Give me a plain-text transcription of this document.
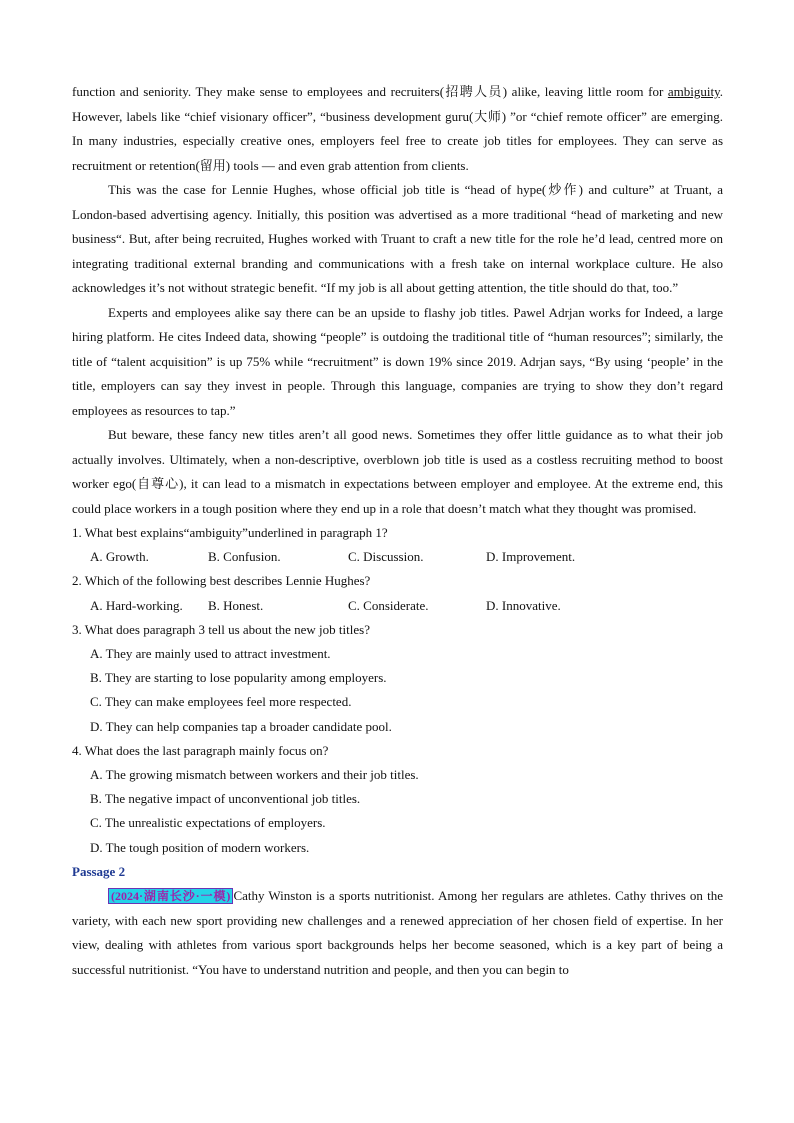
function and seniority. They make sense to employees and recruiters(招聘人员) alike, leaving little room for ambiguity. However, labels like “chief visionary officer”, “business development guru(大师) ”or “chief remote officer” are emerging. In many industries, especially creative ones, employers feel free to create job titles for employees. They can serve as recruitment or retention(留用) tools — and even grab attention from clients.

This was the case for Lennie Hughes, whose official job title is “head of hype(炒作) and culture” at Truant, a London-based advertising agency. Initially, this position was advertised as a more traditional “head of marketing and new business“. But, after being recruited, Hughes worked with Truant to craft a new title for the role he’d lead, centred more on integrating traditional external branding and communications with a fresh take on internal workplace culture. He also acknowledges it’s not without strategic benefit. “If my job is all about getting attention, the title should do that, too.”

Experts and employees alike say there can be an upside to flashy job titles. Pawel Adrjan works for Indeed, a large hiring platform. He cites Indeed data, showing “people” is outdoing the traditional title of “human resources”; similarly, the title of “talent acquisition” is up 75% while “recruitment” is down 19% since 2019. Adrjan says, “By using ‘people’ in the title, employers can say they invest in people. Through this language, companies are trying to show they don’t regard employees as resources to tap.”

But beware, these fancy new titles aren’t all good news. Sometimes they offer little guidance as to what their job actually involves. Ultimately, when a non-descriptive, overblown job title is used as a costless recruiting method to boost worker ego(自尊心), it can lead to a mismatch in expectations between employer and employee. At the extreme end, this could place workers in a tough position where they end up in a role that doesn’t match what they thought was promised.

1. What best explains“ambiguity”underlined in paragraph 1?
A. Growth.	B. Confusion.	C. Discussion.	D. Improvement.
2. Which of the following best describes Lennie Hughes?
A. Hard-working.	B. Honest.	C. Considerate.	D. Innovative.
3. What does paragraph 3 tell us about the new job titles?
A. They are mainly used to attract investment.
B. They are starting to lose popularity among employers.
C. They can make employees feel more respected.
D. They can help companies tap a broader candidate pool.
4. What does the last paragraph mainly focus on?
A. The growing mismatch between workers and their job titles.
B. The negative impact of unconventional job titles.
C. The unrealistic expectations of employers.
D. The tough position of modern workers.
Passage 2

(2024·湖南长沙·一模) Cathy Winston is a sports nutritionist. Among her regulars are athletes. Cathy thrives on the variety, with each new sport providing new challenges and a renewed appreciation of her chosen field of expertise. In her view, dealing with athletes from various sport backgrounds helps her become seasoned, which is a key part of being a successful nutritionist. “You have to understand nutrition and people, and then you can begin to
